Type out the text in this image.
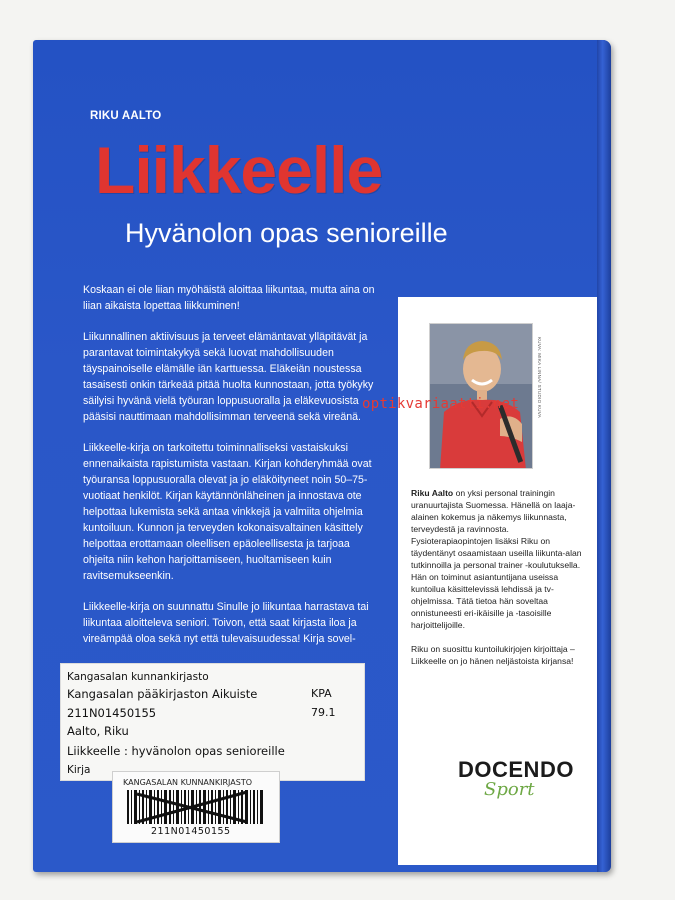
RIKU AALTO
Liikkeelle
Hyvänolon opas senioreille

Koskaan ei ole liian myöhäistä aloittaa liikuntaa, mutta aina on liian aikaista lopettaa liikkuminen!

Liikunnallinen aktiivisuus ja terveet elämäntavat ylläpitävät ja parantavat toimintakykyä sekä luovat mahdollisuuden täyspainoiselle elämälle iän karttuessa. Eläkeiän noustessa tasaisesti onkin tärkeää pitää huolta kunnostaan, jotta työkyky säilyisi hyvänä vielä työuran loppusuoralla ja eläkevuosista pääsisi nauttimaan mahdollisimman terveenä sekä vireänä.

Liikkeelle-kirja on tarkoitettu toiminnalliseksi vastaiskuksi ennenaikaista rapistumista vastaan. Kirjan kohderyhmää ovat työuransa loppusuoralla olevat ja jo eläköityneet noin 50–75-vuotiaat henkilöt. Kirjan käytännönläheinen ja innostava ote helpottaa lukemista sekä antaa vinkkejä ja valmiita ohjelmia kuntoiluun. Kunnon ja terveyden kokonaisvaltainen käsittely helpottaa erottamaan oleellisen epäoleellisesta ja tarjoaa ohjeita niin kehon harjoittamiseen, huoltamiseen kuin ravitsemukseenkin.

Liikkeelle-kirja on suunnattu Sinulle jo liikuntaa harrastava tai liikuntaa aloitteleva seniori. Toivon, että saat kirjasta iloa ja vireämpää oloa sekä nyt että tulevaisuudessa! Kirja sovel-

KUVA: MIKA LINNA/ STUDIO KUVA

Riku Aalto on yksi personal trainingin uranuurtajista Suomessa. Hänellä on laaja-alainen kokemus ja näkemys liikunnasta, terveydestä ja ravinnosta. Fysioterapiaopintojen lisäksi Riku on täydentänyt osaamistaan useilla liikunta-alan tutkinnoilla ja personal trainer -koulutuksella. Hän on toiminut asiantuntijana useissa kuntoilua käsittelevissä lehdissä ja tv-ohjelmissa. Tätä tietoa hän soveltaa onnistuneesti eri-ikäisille ja -tasoisille harjoittelijoille.

Riku on suosittu kuntoilukirjojen kirjoittaja – Liikkeelle on jo hänen neljästoista kirjansa!

DOCENDO
Sport
Kangasalan kunnankirjasto
Kangasalan pääkirjaston Aikuiste	KPA
211N01450155	79.1
Aalto, Riku
Liikkeelle : hyvänolon opas senioreille
Kirja
KANGASALAN KUNNANKIRJASTO
211N01450155
optikvariaatti.net
